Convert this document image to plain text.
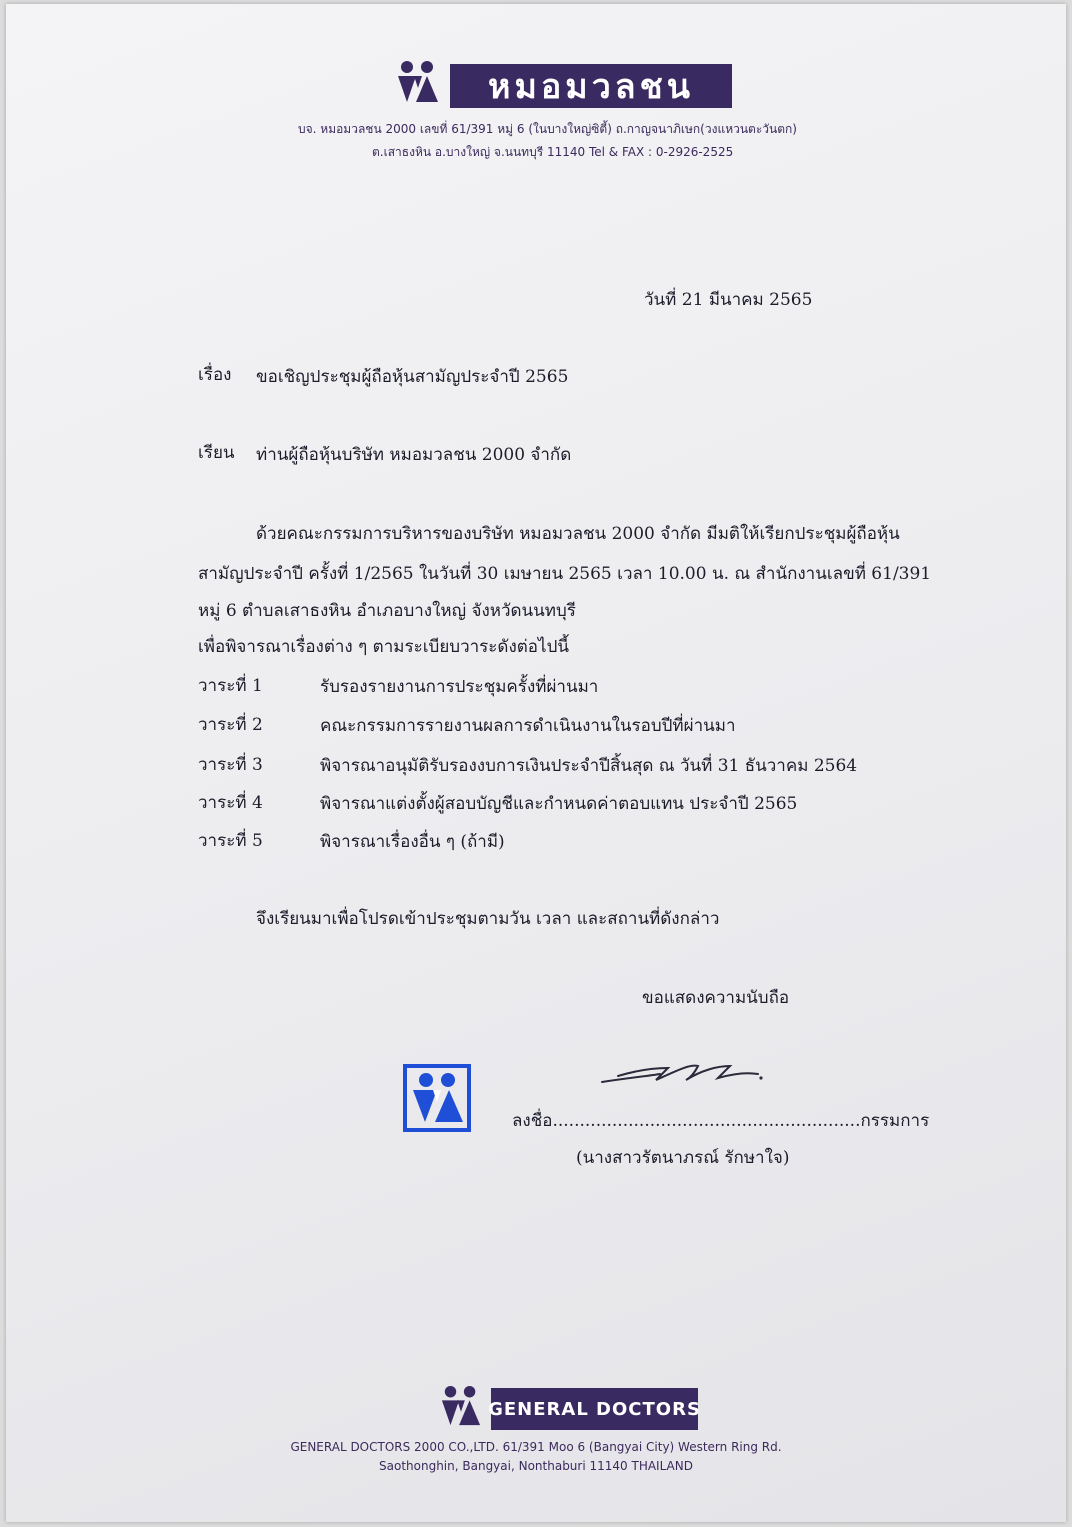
หมอมวลชน
บจ. หมอมวลชน 2000 เลขที่ 61/391 หมู่ 6 (ในบางใหญ่ซิตี้) ถ.กาญจนาภิเษก(วงแหวนตะวันตก)
ต.เสาธงหิน อ.บางใหญ่ จ.นนทบุรี 11140 Tel & FAX : 0-2926-2525
วันที่ 21 มีนาคม 2565
เรื่อง ขอเชิญประชุมผู้ถือหุ้นสามัญประจำปี 2565
เรียน ท่านผู้ถือหุ้นบริษัท หมอมวลชน 2000 จำกัด
ด้วยคณะกรรมการบริหารของบริษัท หมอมวลชน 2000 จำกัด มีมติให้เรียกประชุมผู้ถือหุ้น
สามัญประจำปี ครั้งที่ 1/2565 ในวันที่ 30 เมษายน 2565 เวลา 10.00 น. ณ สำนักงานเลขที่ 61/391
หมู่ 6 ตำบลเสาธงหิน อำเภอบางใหญ่ จังหวัดนนทบุรี
เพื่อพิจารณาเรื่องต่าง ๆ ตามระเบียบวาระดังต่อไปนี้
วาระที่ 1	รับรองรายงานการประชุมครั้งที่ผ่านมา
วาระที่ 2	คณะกรรมการรายงานผลการดำเนินงานในรอบปีที่ผ่านมา
วาระที่ 3	พิจารณาอนุมัติรับรองงบการเงินประจำปีสิ้นสุด ณ วันที่ 31 ธันวาคม 2564
วาระที่ 4	พิจารณาแต่งตั้งผู้สอบบัญชีและกำหนดค่าตอบแทน ประจำปี 2565
วาระที่ 5	พิจารณาเรื่องอื่น ๆ (ถ้ามี)
จึงเรียนมาเพื่อโปรดเข้าประชุมตามวัน เวลา และสถานที่ดังกล่าว
ขอแสดงความนับถือ
ลงชื่อ.........................................................กรรมการ
(นางสาวรัตนาภรณ์ รักษาใจ)
GENERAL DOCTORS
GENERAL DOCTORS 2000 CO.,LTD. 61/391 Moo 6 (Bangyai City) Western Ring Rd.
Saothonghin, Bangyai, Nonthaburi 11140 THAILAND
